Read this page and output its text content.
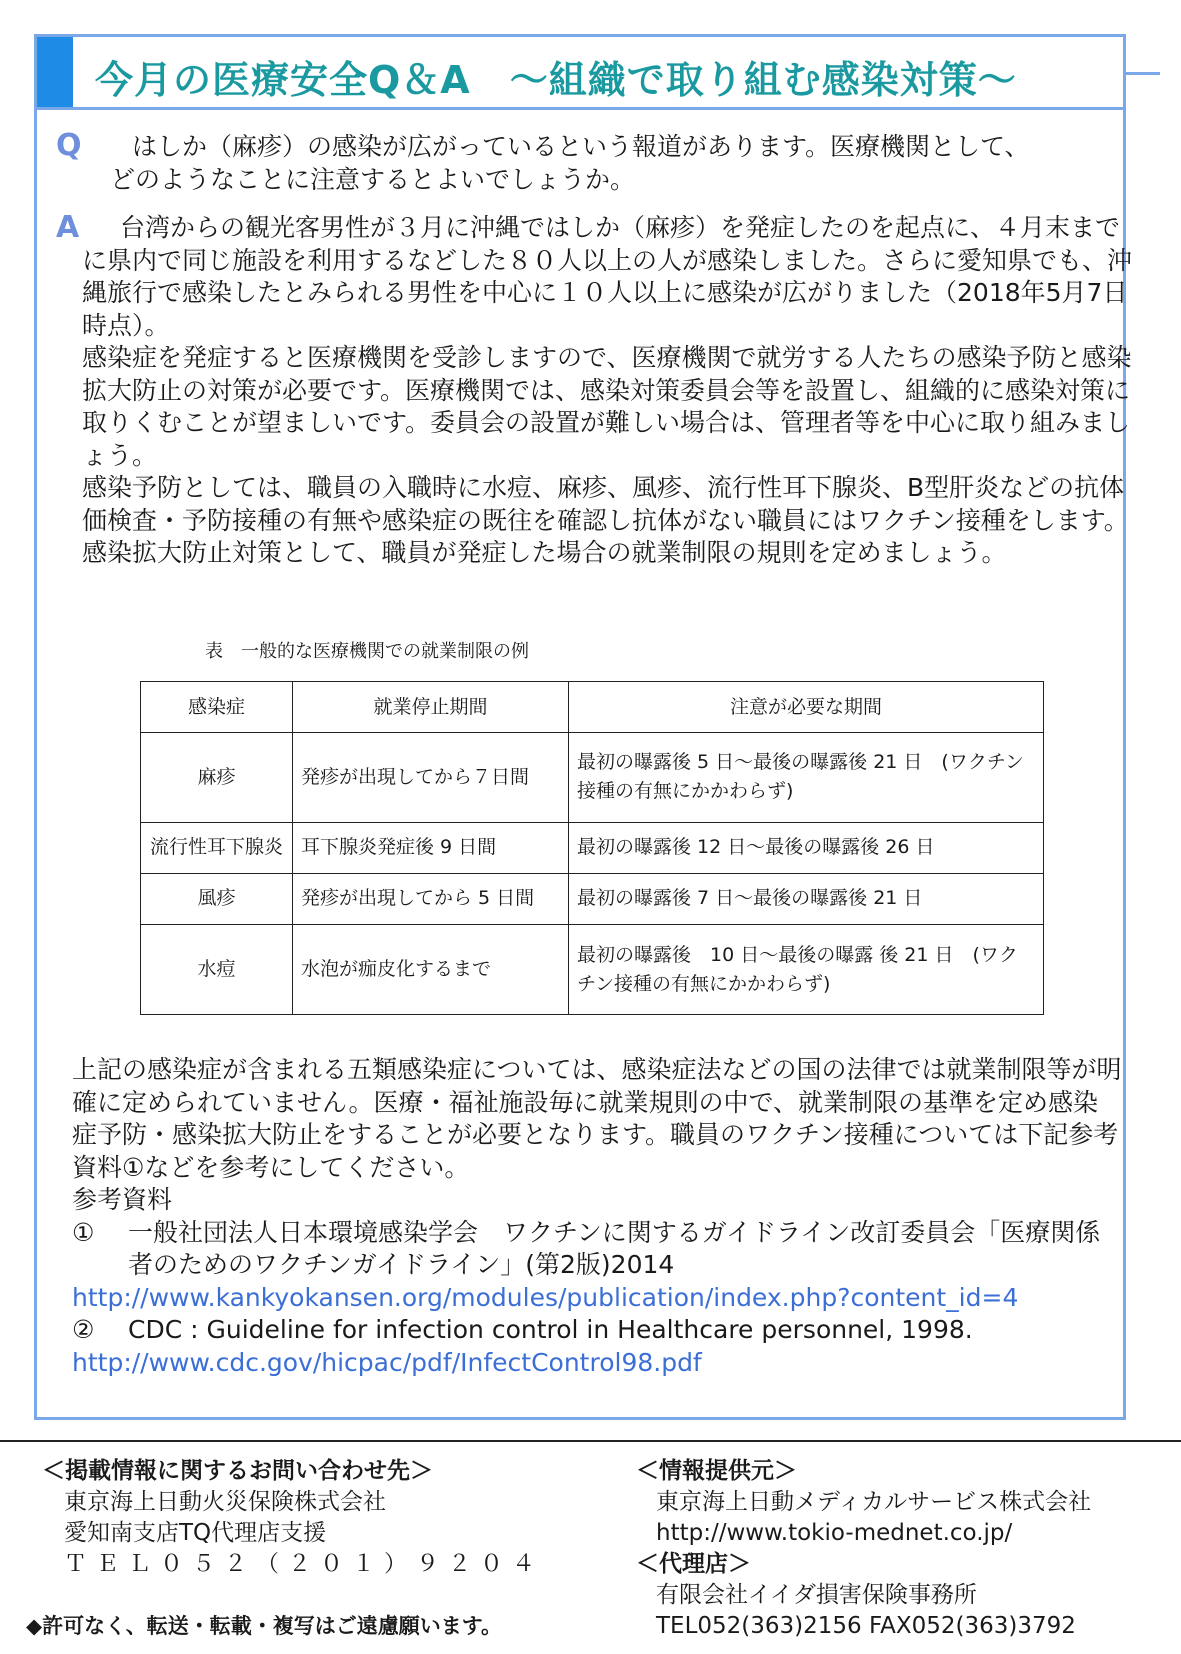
今月の医療安全Q＆A　～組織で取り組む感染対策～
Q	はしか（麻疹）の感染が広がっているという報道があります。医療機関として、
どのようなことに注意するとよいでしょうか。
A	台湾からの観光客男性が３月に沖縄ではしか（麻疹）を発症したのを起点に、４月末までに県内で同じ施設を利用するなどした８０人以上の人が感染しました。さらに愛知県でも、沖縄旅行で感染したとみられる男性を中心に１０人以上に感染が広がりました（2018年5月7日時点）。

感染症を発症すると医療機関を受診しますので、医療機関で就労する人たちの感染予防と感染拡大防止の対策が必要です。医療機関では、感染対策委員会等を設置し、組織的に感染対策に取りくむことが望ましいです。委員会の設置が難しい場合は、管理者等を中心に取り組みましょう。

感染予防としては、職員の入職時に水痘、麻疹、風疹、流行性耳下腺炎、B型肝炎などの抗体価検査・予防接種の有無や感染症の既往を確認し抗体がない職員にはワクチン接種をします。

感染拡大防止対策として、職員が発症した場合の就業制限の規則を定めましょう。

表　一般的な医療機関での就業制限の例
感染症	就業停止期間	注意が必要な期間
麻疹	発疹が出現してから７日間	最初の曝露後 5 日～最後の曝露後 21 日　(ワクチン接種の有無にかかわらず)
流行性耳下腺炎	耳下腺炎発症後 9 日間	最初の曝露後 12 日～最後の曝露後 26 日
風疹	発疹が出現してから 5 日間	最初の曝露後 7 日～最後の曝露後 21 日
水痘	水泡が痂皮化するまで	最初の曝露後　10 日～最後の曝露 後 21 日　(ワクチン接種の有無にかかわらず)

上記の感染症が含まれる五類感染症については、感染症法などの国の法律では就業制限等が明確に定められていません。医療・福祉施設毎に就業規則の中で、就業制限の基準を定め感染症予防・感染拡大防止をすることが必要となります。職員のワクチン接種については下記参考資料①などを参考にしてください。

参考資料

① 一般社団法人日本環境感染学会　ワクチンに関するガイドライン改訂委員会「医療関係者のためのワクチンガイドライン」(第2版)2014

http://www.kankyokansen.org/modules/publication/index.php?content_id=4

② CDC : Guideline for infection control in Healthcare personnel, 1998.

http://www.cdc.gov/hicpac/pdf/InfectControl98.pdf

＜掲載情報に関するお問い合わせ先＞
東京海上日動火災保険株式会社
愛知南支店TQ代理店支援
ＴＥＬ０５２（２０１）９２０４
＜情報提供元＞
東京海上日動メディカルサービス株式会社
http://www.tokio-mednet.co.jp/
＜代理店＞
有限会社イイダ損害保険事務所
TEL052(363)2156 FAX052(363)3792
◆許可なく、転送・転載・複写はご遠慮願います。
